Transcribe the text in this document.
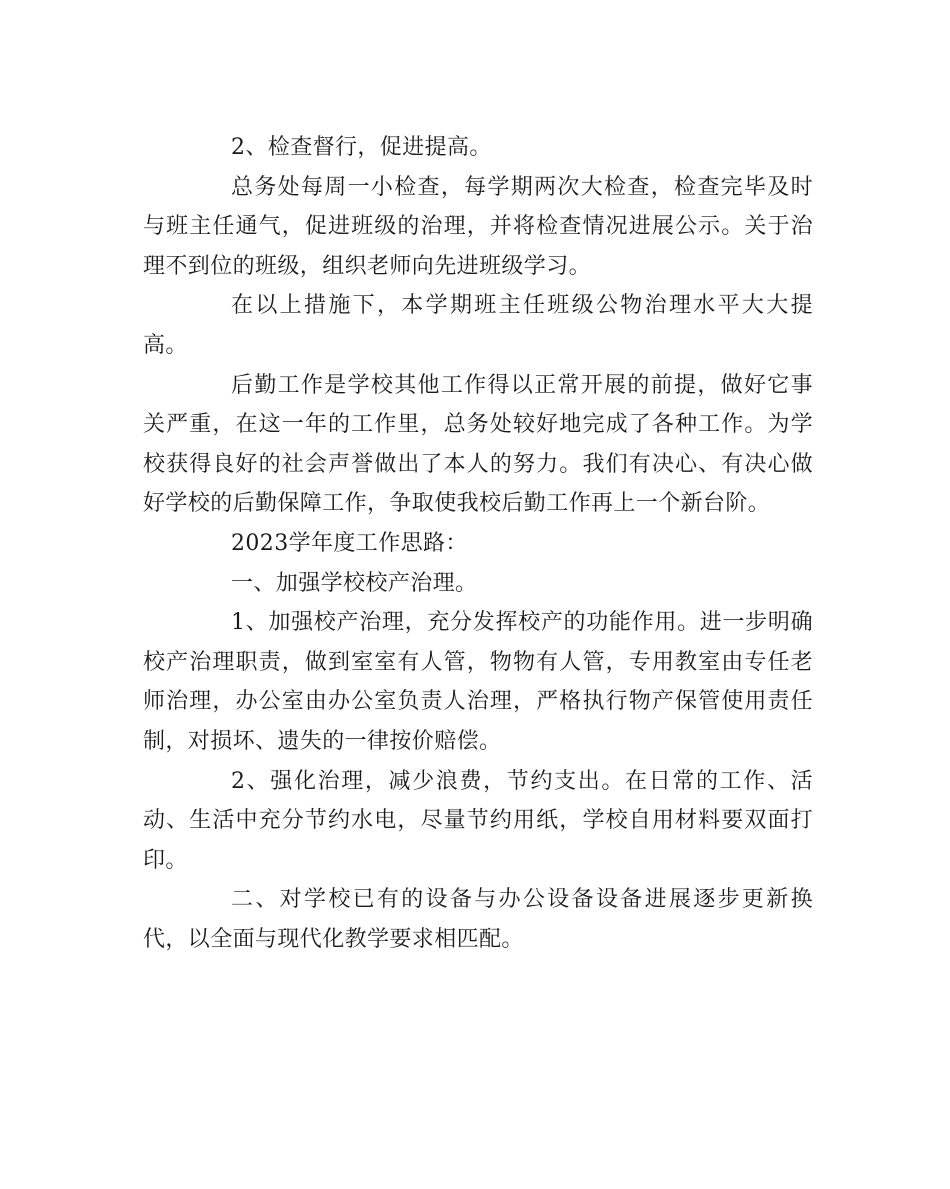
2、检查督行，促进提高。

总务处每周一小检查，每学期两次大检查，检查完毕及时与班主任通气，促进班级的治理，并将检查情况进展公示。关于治理不到位的班级，组织老师向先进班级学习。

在以上措施下，本学期班主任班级公物治理水平大大提高。

后勤工作是学校其他工作得以正常开展的前提，做好它事关严重，在这一年的工作里，总务处较好地完成了各种工作。为学校获得良好的社会声誉做出了本人的努力。我们有决心、有决心做好学校的后勤保障工作，争取使我校后勤工作再上一个新台阶。

2023学年度工作思路：

一、加强学校校产治理。

1、加强校产治理，充分发挥校产的功能作用。进一步明确校产治理职责，做到室室有人管，物物有人管，专用教室由专任老师治理，办公室由办公室负责人治理，严格执行物产保管使用责任制，对损坏、遗失的一律按价赔偿。

2、强化治理，减少浪费，节约支出。在日常的工作、活动、生活中充分节约水电，尽量节约用纸，学校自用材料要双面打印。

二、对学校已有的设备与办公设备设备进展逐步更新换代，以全面与现代化教学要求相匹配。
